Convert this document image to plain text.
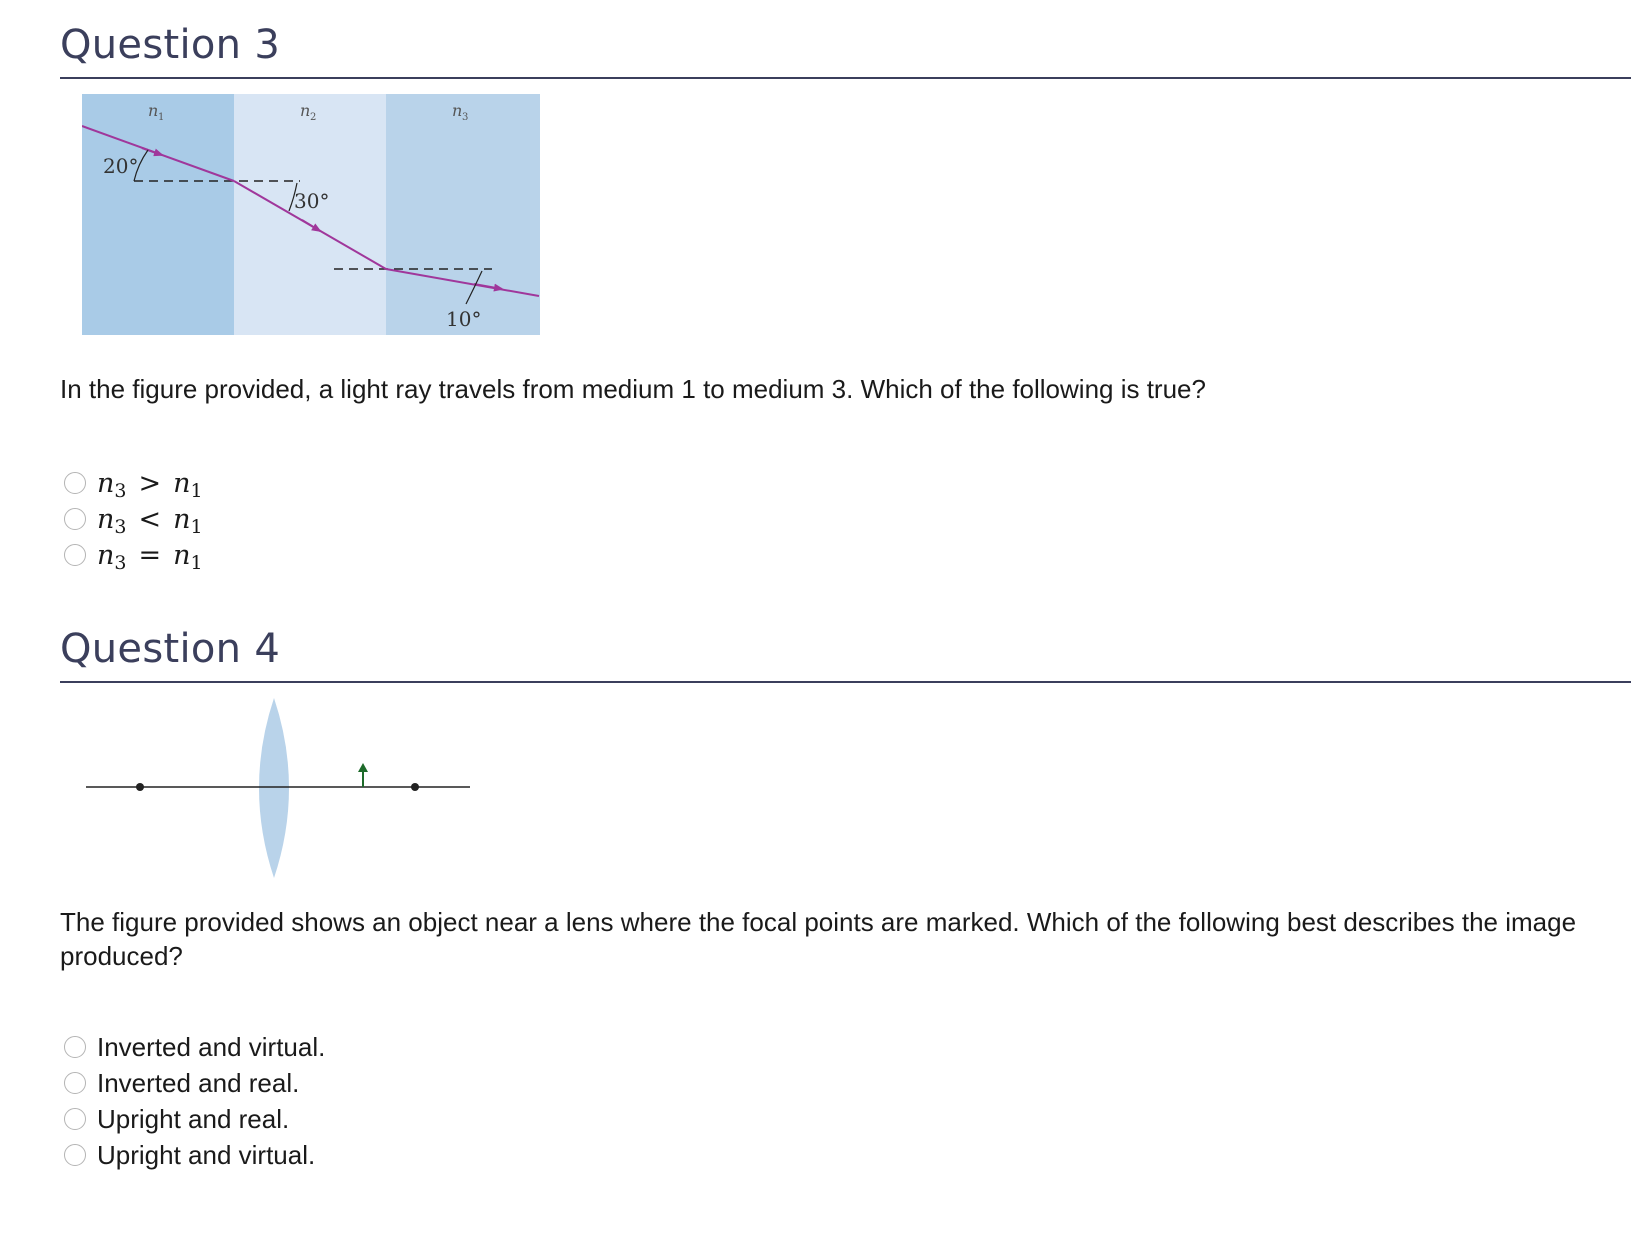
Question 3
n 1	n 2	n 3
20°
30°
10°

In the figure provided, a light ray travels from medium 1 to medium 3. Which of the following is true?

$n_3 > n_1$
$n_3 < n_1$
$n_3 = n_1$
Question 4

The figure provided shows an object near a lens where the focal points are marked. Which of the following best describes the image produced?

Inverted and virtual.
Inverted and real.
Upright and real.
Upright and virtual.
